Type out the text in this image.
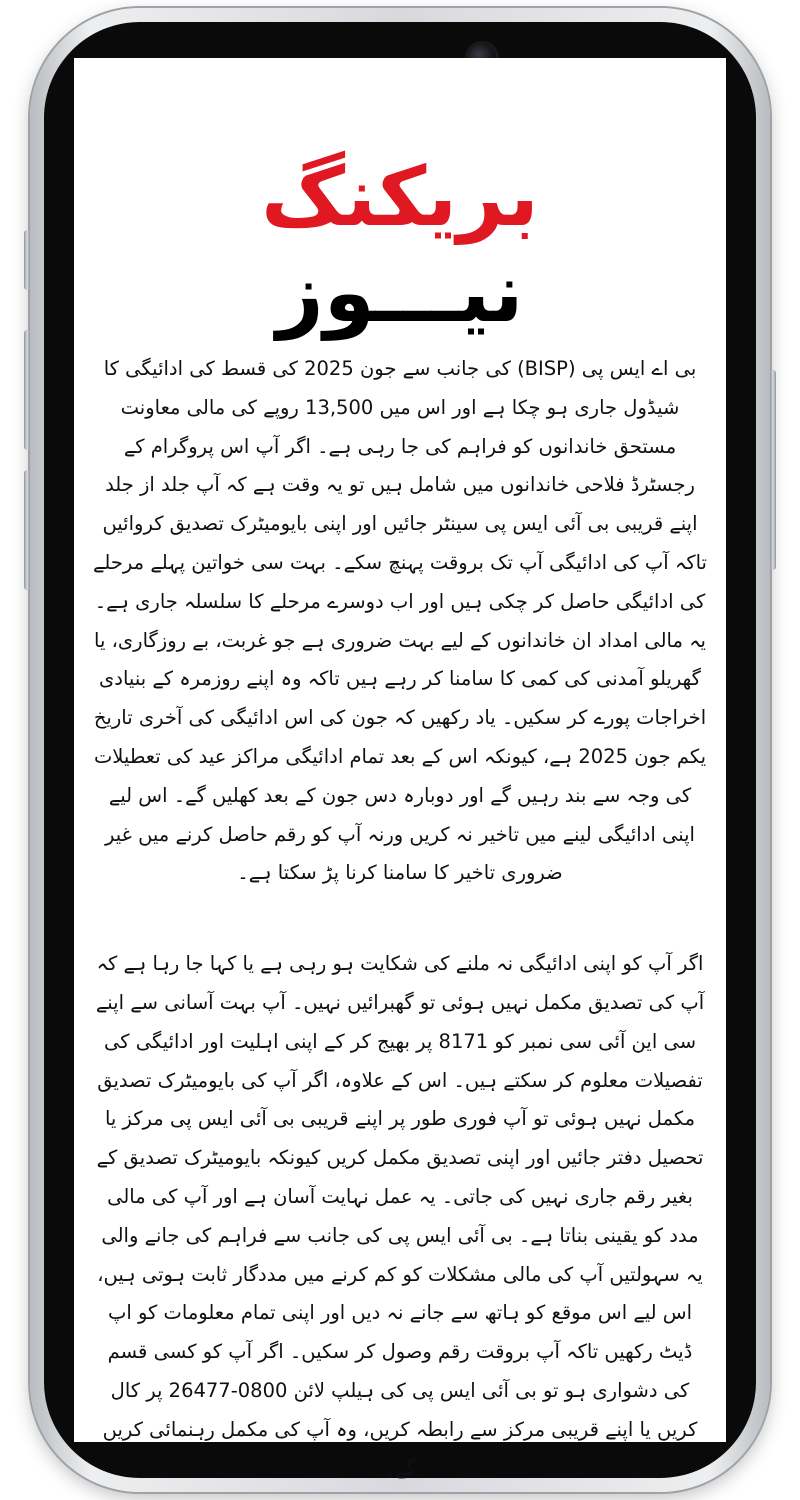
بریکنگ
نیـــوز

بی اے ایس پی (BISP) کی جانب سے جون 2025 کی قسط کی ادائیگی کا شیڈول جاری ہو چکا ہے اور اس میں 13,500 روپے کی مالی معاونت مستحق خاندانوں کو فراہم کی جا رہی ہے۔ اگر آپ اس پروگرام کے رجسٹرڈ فلاحی خاندانوں میں شامل ہیں تو یہ وقت ہے کہ آپ جلد از جلد اپنے قریبی بی آئی ایس پی سینٹر جائیں اور اپنی بایومیٹرک تصدیق کروائیں تاکہ آپ کی ادائیگی آپ تک بروقت پہنچ سکے۔ بہت سی خواتین پہلے مرحلے کی ادائیگی حاصل کر چکی ہیں اور اب دوسرے مرحلے کا سلسلہ جاری ہے۔ یہ مالی امداد ان خاندانوں کے لیے بہت ضروری ہے جو غربت، بے روزگاری، یا گھریلو آمدنی کی کمی کا سامنا کر رہے ہیں تاکہ وہ اپنے روزمرہ کے بنیادی اخراجات پورے کر سکیں۔ یاد رکھیں کہ جون کی اس ادائیگی کی آخری تاریخ یکم جون 2025 ہے، کیونکہ اس کے بعد تمام ادائیگی مراکز عید کی تعطیلات کی وجہ سے بند رہیں گے اور دوبارہ دس جون کے بعد کھلیں گے۔ اس لیے اپنی ادائیگی لینے میں تاخیر نہ کریں ورنہ آپ کو رقم حاصل کرنے میں غیر ضروری تاخیر کا سامنا کرنا پڑ سکتا ہے۔

اگر آپ کو اپنی ادائیگی نہ ملنے کی شکایت ہو رہی ہے یا کہا جا رہا ہے کہ آپ کی تصدیق مکمل نہیں ہوئی تو گھبرائیں نہیں۔ آپ بہت آسانی سے اپنے سی این آئی سی نمبر کو 8171 پر بھیج کر کے اپنی اہلیت اور ادائیگی کی تفصیلات معلوم کر سکتے ہیں۔ اس کے علاوہ، اگر آپ کی بایومیٹرک تصدیق مکمل نہیں ہوئی تو آپ فوری طور پر اپنے قریبی بی آئی ایس پی مرکز یا تحصیل دفتر جائیں اور اپنی تصدیق مکمل کریں کیونکہ بایومیٹرک تصدیق کے بغیر رقم جاری نہیں کی جاتی۔ یہ عمل نہایت آسان ہے اور آپ کی مالی مدد کو یقینی بناتا ہے۔ بی آئی ایس پی کی جانب سے فراہم کی جانے والی یہ سہولتیں آپ کی مالی مشکلات کو کم کرنے میں مددگار ثابت ہوتی ہیں، اس لیے اس موقع کو ہاتھ سے جانے نہ دیں اور اپنی تمام معلومات کو اپ ڈیٹ رکھیں تاکہ آپ بروقت رقم وصول کر سکیں۔ اگر آپ کو کسی قسم کی دشواری ہو تو بی آئی ایس پی کی ہیلپ لائن 0800-26477 پر کال کریں یا اپنے قریبی مرکز سے رابطہ کریں، وہ آپ کی مکمل رہنمائی کریں گے۔
